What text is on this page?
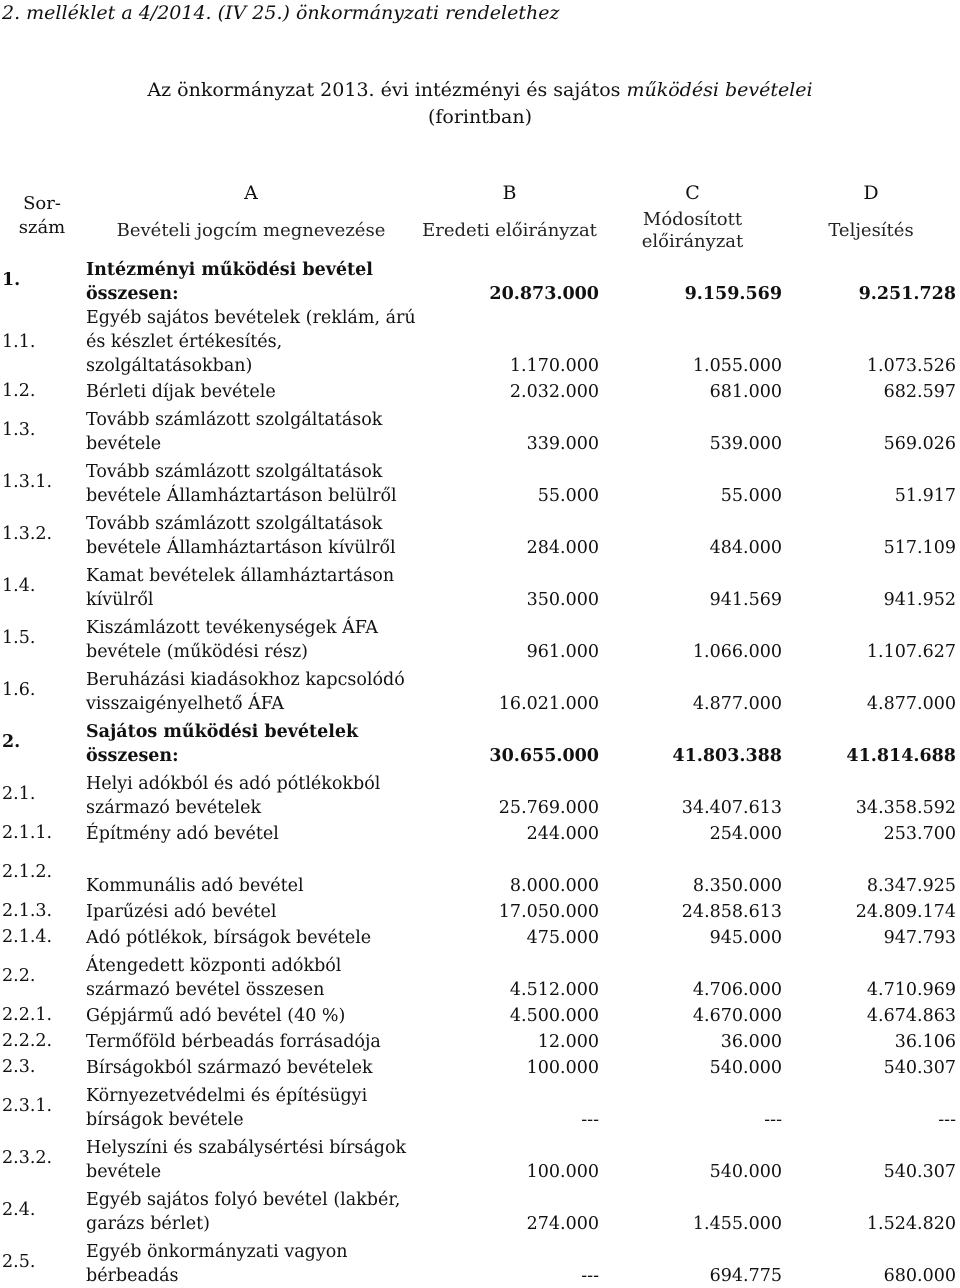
2. melléklet a 4/2014. (IV 25.) önkormányzati rendelethez
Az önkormányzat 2013. évi intézményi és sajátos működési bevételei
(forintban)
Sor-szám	A	B	C	D
	Bevételi jogcím megnevezése	Eredeti előirányzat	Módosított előirányzat	Teljesítés
1.	Intézményi működési bevétel összesen:	20.873.000	9.159.569	9.251.728
1.1.	Egyéb sajátos bevételek (reklám, árú és készlet értékesítés, szolgáltatásokban)	1.170.000	1.055.000	1.073.526
1.2.	Bérleti díjak bevétele	2.032.000	681.000	682.597
1.3.	Tovább számlázott szolgáltatások bevétele	339.000	539.000	569.026
1.3.1.	Tovább számlázott szolgáltatások bevétele Államháztartáson belülről	55.000	55.000	51.917
1.3.2.	Tovább számlázott szolgáltatások bevétele Államháztartáson kívülről	284.000	484.000	517.109
1.4.	Kamat bevételek államháztartáson kívülről	350.000	941.569	941.952
1.5.	Kiszámlázott tevékenységek ÁFA bevétele (működési rész)	961.000	1.066.000	1.107.627
1.6.	Beruházási kiadásokhoz kapcsolódó visszaigényelhető ÁFA	16.021.000	4.877.000	4.877.000
2.	Sajátos működési bevételek összesen:	30.655.000	41.803.388	41.814.688
2.1.	Helyi adókból és adó pótlékokból származó bevételek	25.769.000	34.407.613	34.358.592
2.1.1.	Építmény adó bevétel	244.000	254.000	253.700
2.1.2.	Kommunális adó bevétel	8.000.000	8.350.000	8.347.925
2.1.3.	Iparűzési adó bevétel	17.050.000	24.858.613	24.809.174
2.1.4.	Adó pótlékok, bírságok bevétele	475.000	945.000	947.793
2.2.	Átengedett központi adókból származó bevétel összesen	4.512.000	4.706.000	4.710.969
2.2.1.	Gépjármű adó bevétel (40 %)	4.500.000	4.670.000	4.674.863
2.2.2.	Termőföld bérbeadás forrásadója	12.000	36.000	36.106
2.3.	Bírságokból származó bevételek	100.000	540.000	540.307
2.3.1.	Környezetvédelmi és építésügyi bírságok bevétele	---	---	---
2.3.2.	Helyszíni és szabálysértési bírságok bevétele	100.000	540.000	540.307
2.4.	Egyéb sajátos folyó bevétel (lakbér, garázs bérlet)	274.000	1.455.000	1.524.820
2.5.	Egyéb önkormányzati vagyon bérbeadás	---	694.775	680.000
